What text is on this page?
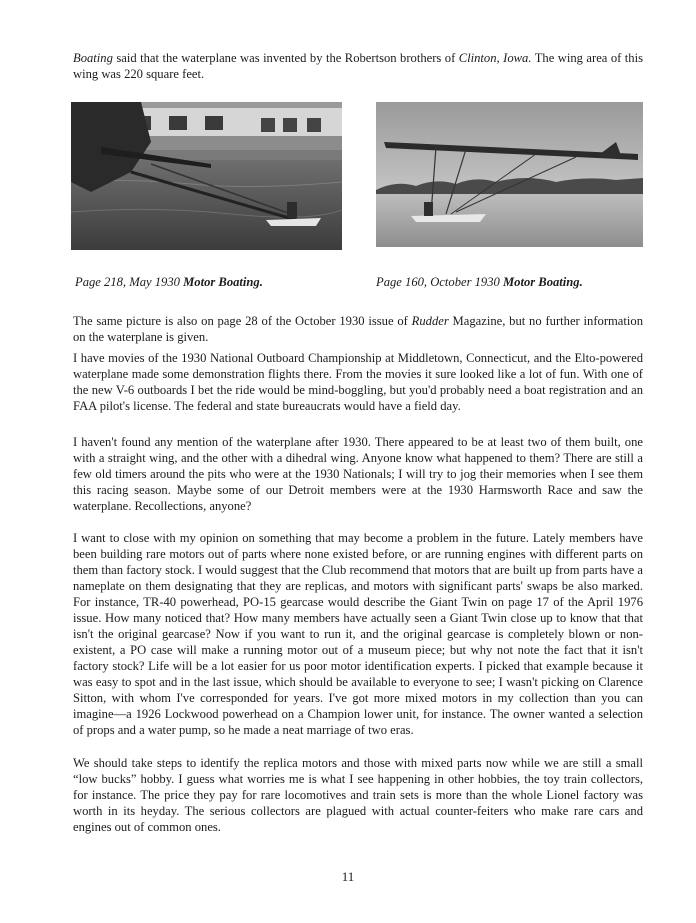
Boating said that the waterplane was invented by the Robertson brothers of Clinton, Iowa. The wing area of this wing was 220 square feet.

Page 218, May 1930 Motor Boating.	Page 160, October 1930 Motor Boating.

The same picture is also on page 28 of the October 1930 issue of Rudder Magazine, but no further information on the waterplane is given.

I have movies of the 1930 National Outboard Championship at Middletown, Connecticut, and the Elto-powered waterplane made some demonstration flights there. From the movies it sure looked like a lot of fun. With one of the new V-6 outboards I bet the ride would be mind-boggling, but you'd probably need a boat registration and an FAA pilot's license. The federal and state bureaucrats would have a field day.

I haven't found any mention of the waterplane after 1930. There appeared to be at least two of them built, one with a straight wing, and the other with a dihedral wing. Anyone know what happened to them? There are still a few old timers around the pits who were at the 1930 Nationals; I will try to jog their memories when I see them this racing season. Maybe some of our Detroit members were at the 1930 Harmsworth Race and saw the waterplane. Recollections, anyone?

I want to close with my opinion on something that may become a problem in the future. Lately members have been building rare motors out of parts where none existed before, or are running engines with different parts on them than factory stock. I would suggest that the Club recommend that motors that are built up from parts have a nameplate on them designating that they are replicas, and motors with significant parts' swaps be also marked. For instance, TR-40 powerhead, PO-15 gearcase would describe the Giant Twin on page 17 of the April 1976 issue. How many noticed that? How many members have actually seen a Giant Twin close up to know that that isn't the original gearcase? Now if you want to run it, and the original gearcase is completely blown or non-existent, a PO case will make a running motor out of a museum piece; but why not note the fact that it isn't factory stock? Life will be a lot easier for us poor motor identification experts. I picked that example because it was easy to spot and in the last issue, which should be available to everyone to see; I wasn't picking on Clarence Sitton, with whom I've corresponded for years. I've got more mixed motors in my collection than you can imagine—a 1926 Lockwood powerhead on a Champion lower unit, for instance. The owner wanted a selection of props and a water pump, so he made a neat marriage of two eras.

We should take steps to identify the replica motors and those with mixed parts now while we are still a small “low bucks” hobby. I guess what worries me is what I see happening in other hobbies, the toy train collectors, for instance. The price they pay for rare locomotives and train sets is more than the whole Lionel factory was worth in its heyday. The serious collectors are plagued with actual counter-feiters who make rare cars and engines out of common ones.

11
